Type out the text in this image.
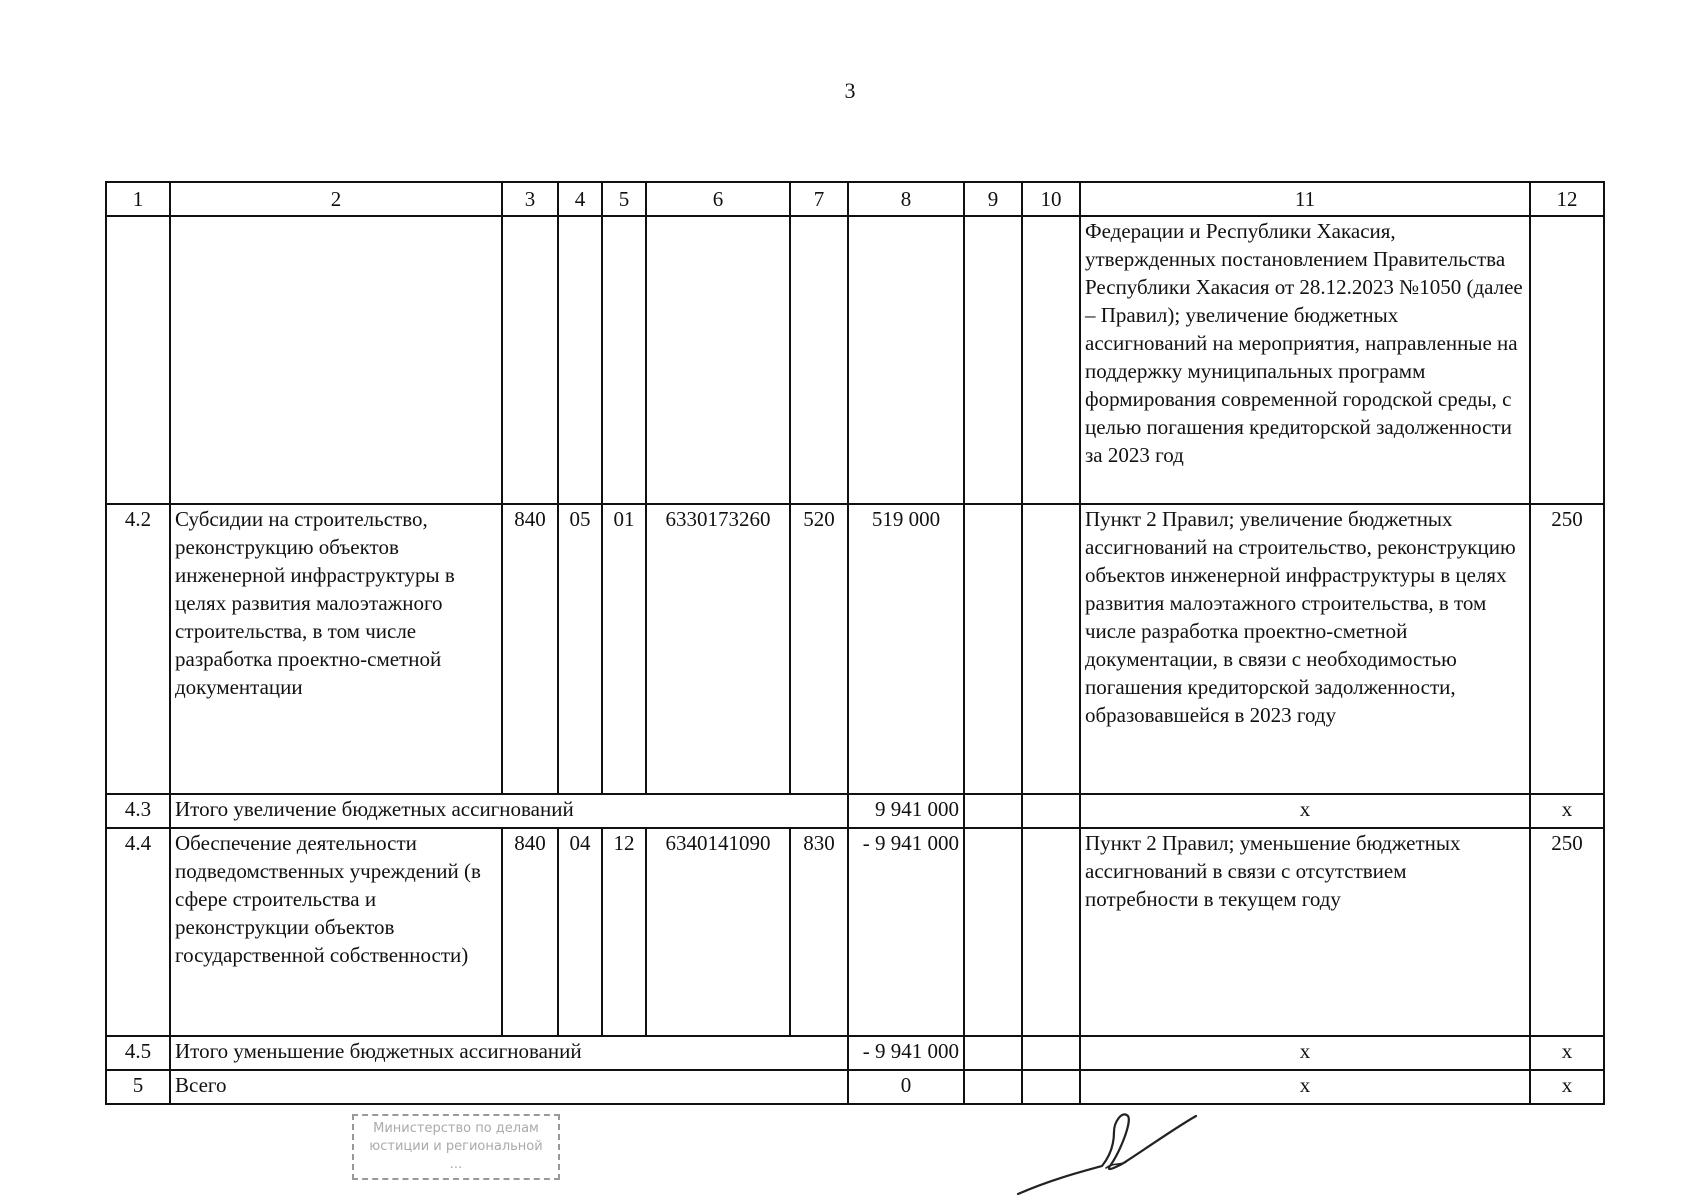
3
1	2	3	4	5	6	7	8	9	10	11	12
										Федерации и Республики Хакасия, утвержденных постановлением Правительства Республики Хакасия от 28.12.2023 №1050 (далее – Правил); увеличение бюджетных ассигнований на мероприятия, направленные на поддержку муниципальных программ формирования современной городской среды, с целью погашения кредиторской задолженности за 2023 год	
4.2	Субсидии на строительство, реконструкцию объектов инженерной инфраструктуры в целях развития малоэтажного строительства, в том числе разработка проектно-сметной документации	840	05	01	6330173260	520	519 000			Пункт 2 Правил; увеличение бюджетных ассигнований на строительство, реконструкцию объектов инженерной инфраструктуры в целях развития малоэтажного строительства, в том числе разработка проектно-сметной документации, в связи с необходимостью погашения кредиторской задолженности, образовавшейся в 2023 году	250
4.3	Итого увеличение бюджетных ассигнований						9 941 000			х	х
4.4	Обеспечение деятельности подведомственных учреждений (в сфере строительства и реконструкции объектов государственной собственности)	840	04	12	6340141090	830	- 9 941 000			Пункт 2 Правил; уменьшение бюджетных ассигнований в связи с отсутствием потребности в текущем году	250
4.5	Итого уменьшение бюджетных ассигнований						- 9 941 000			х	х
5	Всего						0			х	х
Министерство по делам
юстиции и региональной
...
